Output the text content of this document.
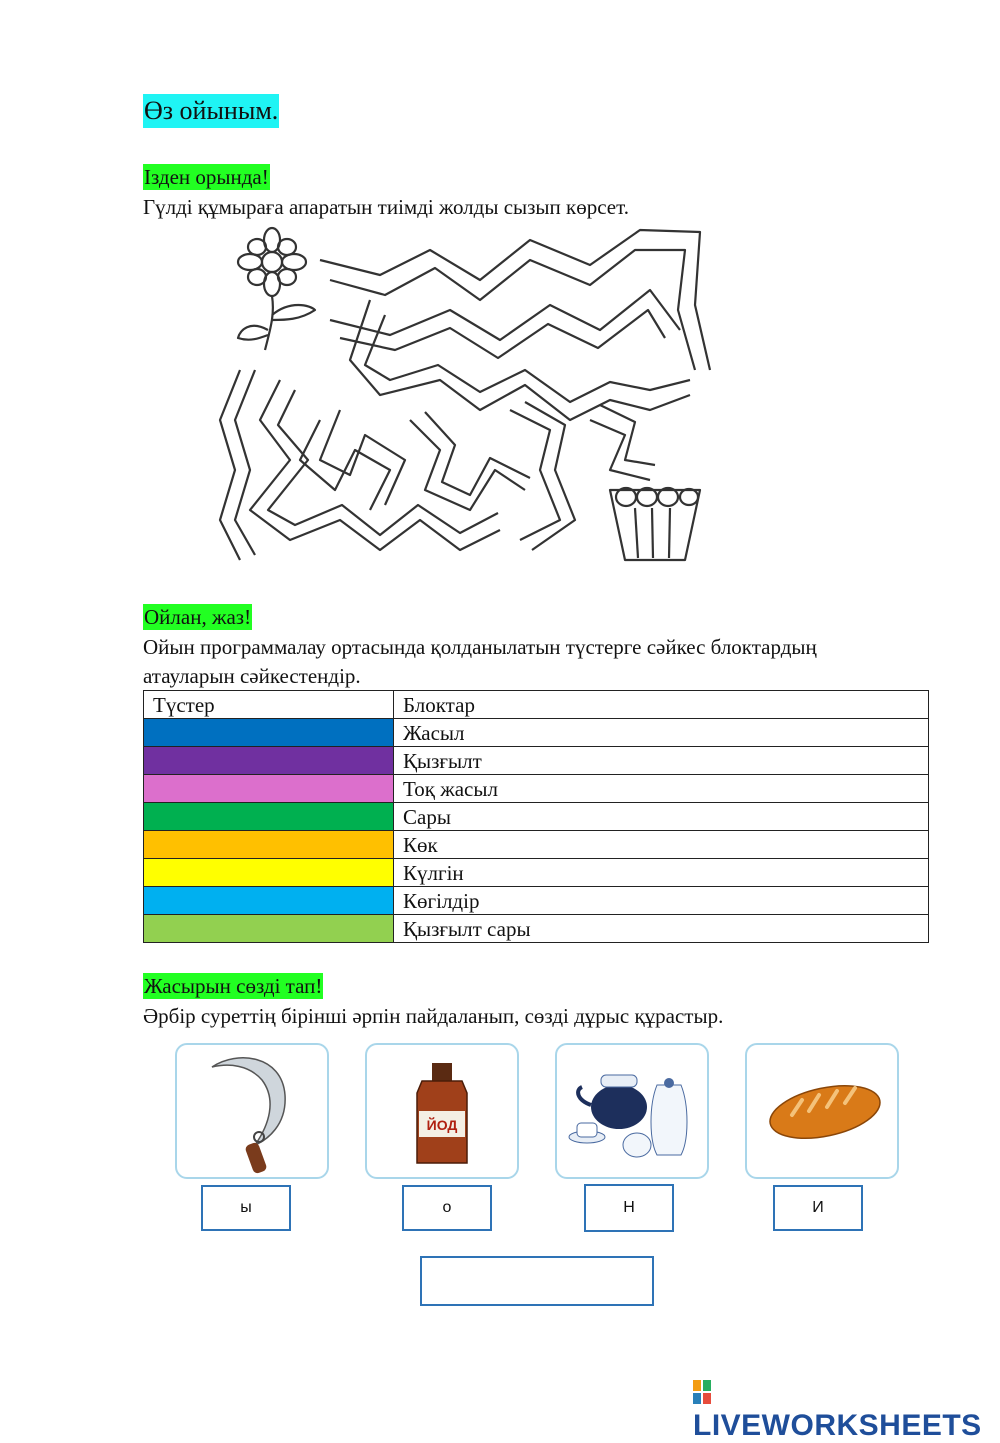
Өз ойыным.
Ізден орында!
Гүлді құмыраға апаратын тиімді жолды сызып көрсет.
Ойлан, жаз!
Ойын программалау ортасында қолданылатын түстерге сәйкес блоктардың
атауларын сәйкестендір.
Түстер	Блоктар
	Жасыл
	Қызғылт
	Тоқ жасыл
	Сары
	Көк
	Күлгін
	Көгілдір
	Қызғылт сары
Жасырын сөзді тап!
Әрбір суреттің бірінші әрпін пайдаланып, сөзді дұрыс құрастыр.
ЙОД
ы	о	Н	И
LIVEWORKSHEETS
